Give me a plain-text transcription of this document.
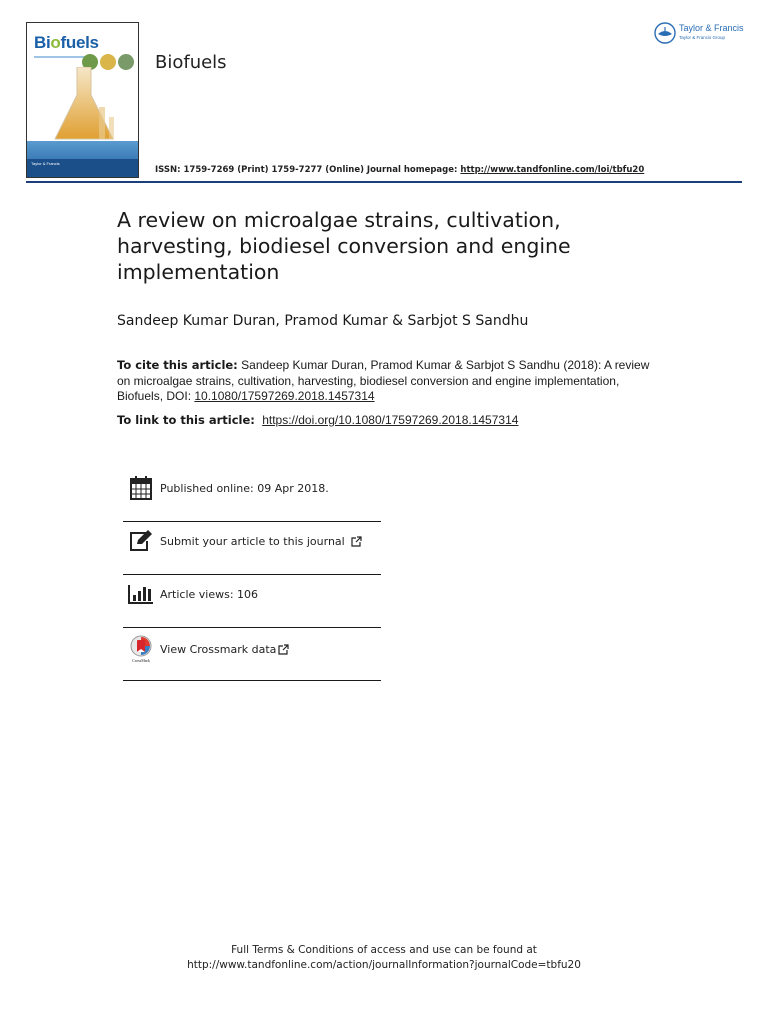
Biofuels
Taylor & Francis
Biofuels
Taylor & Francis
Taylor & Francis Group
ISSN: 1759-7269 (Print) 1759-7277 (Online) Journal homepage: http://www.tandfonline.com/loi/tbfu20
A review on microalgae strains, cultivation, harvesting, biodiesel conversion and engine implementation
Sandeep Kumar Duran, Pramod Kumar & Sarbjot S Sandhu
To cite this article: Sandeep Kumar Duran, Pramod Kumar & Sarbjot S Sandhu (2018): A review on microalgae strains, cultivation, harvesting, biodiesel conversion and engine implementation, Biofuels, DOI: 10.1080/17597269.2018.1457314
To link to this article: https://doi.org/10.1080/17597269.2018.1457314
Published online: 09 Apr 2018.
Submit your article to this journal
Article views: 106
CrossMark
View Crossmark data
Full Terms & Conditions of access and use can be found at
http://www.tandfonline.com/action/journalInformation?journalCode=tbfu20
